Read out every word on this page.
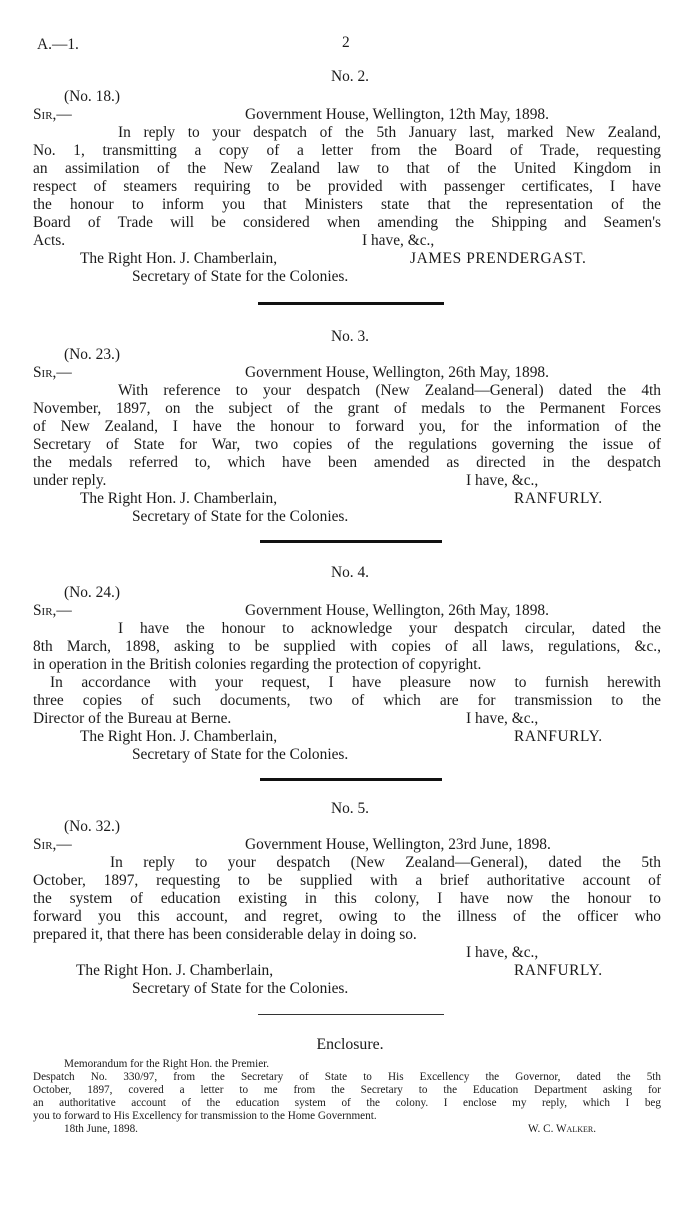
A.—1.	2
No. 2.
(No. 18.)
Sir,—	Government House, Wellington, 12th May, 1898.
In reply to your despatch of the 5th January last, marked New Zealand,
No. 1, transmitting a copy of a letter from the Board of Trade, requesting
an assimilation of the New Zealand law to that of the United Kingdom in
respect of steamers requiring to be provided with passenger certificates, I have
the honour to inform you that Ministers state that the representation of the
Board of Trade will be considered when amending the Shipping and Seamen's
Acts.	I have, &c.,
The Right Hon. J. Chamberlain,	JAMES PRENDERGAST.
Secretary of State for the Colonies.
No. 3.
(No. 23.)
Sir,—	Government House, Wellington, 26th May, 1898.
With reference to your despatch (New Zealand—General) dated the 4th
November, 1897, on the subject of the grant of medals to the Permanent Forces
of New Zealand, I have the honour to forward you, for the information of the
Secretary of State for War, two copies of the regulations governing the issue of
the medals referred to, which have been amended as directed in the despatch
under reply.	I have, &c.,
The Right Hon. J. Chamberlain,	RANFURLY.
Secretary of State for the Colonies.
No. 4.
(No. 24.)
Sir,—	Government House, Wellington, 26th May, 1898.
I have the honour to acknowledge your despatch circular, dated the
8th March, 1898, asking to be supplied with copies of all laws, regulations, &c.,
in operation in the British colonies regarding the protection of copyright.
In accordance with your request, I have pleasure now to furnish herewith
three copies of such documents, two of which are for transmission to the
Director of the Bureau at Berne.	I have, &c.,
The Right Hon. J. Chamberlain,	RANFURLY.
Secretary of State for the Colonies.
No. 5.
(No. 32.)
Sir,—	Government House, Wellington, 23rd June, 1898.
In reply to your despatch (New Zealand—General), dated the 5th
October, 1897, requesting to be supplied with a brief authoritative account of
the system of education existing in this colony, I have now the honour to
forward you this account, and regret, owing to the illness of the officer who
prepared it, that there has been considerable delay in doing so.
I have, &c.,
The Right Hon. J. Chamberlain,	RANFURLY.
Secretary of State for the Colonies.
Enclosure.
Memorandum for the Right Hon. the Premier.
Despatch No. 330/97, from the Secretary of State to His Excellency the Governor, dated the 5th
October, 1897, covered a letter to me from the Secretary to the Education Department asking for
an authoritative account of the education system of the colony. I enclose my reply, which I beg
you to forward to His Excellency for transmission to the Home Government.
18th June, 1898.	W. C. Walker.
